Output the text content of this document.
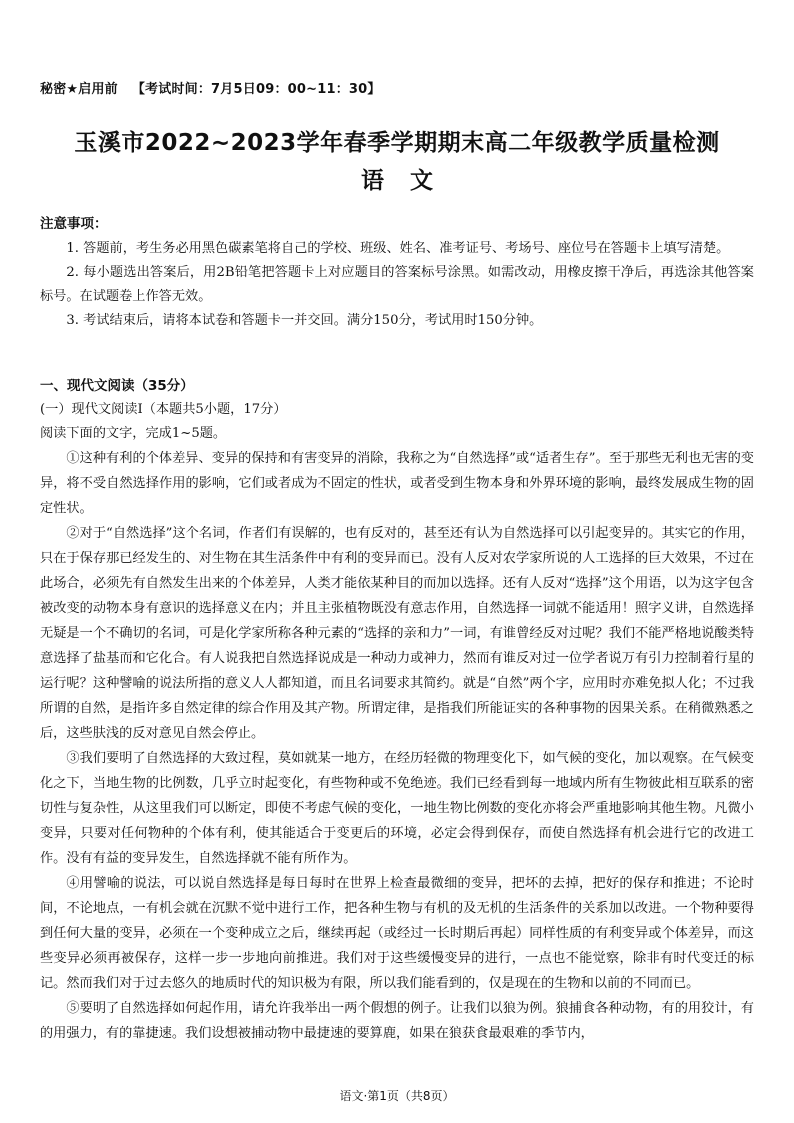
秘密★启用前 【考试时间：7月5日09：00~11：30】
玉溪市2022~2023学年春季学期期末高二年级教学质量检测
语文
注意事项：
1. 答题前，考生务必用黑色碳素笔将自己的学校、班级、姓名、准考证号、考场号、座位号在答题卡上填写清楚。
2. 每小题选出答案后，用2B铅笔把答题卡上对应题目的答案标号涂黑。如需改动，用橡皮擦干净后，再选涂其他答案标号。在试题卷上作答无效。
3. 考试结束后，请将本试卷和答题卡一并交回。满分150分，考试用时150分钟。
一、现代文阅读（35分）
(一）现代文阅读Ⅰ（本题共5小题，17分）
阅读下面的文字，完成1~5题。

①这种有利的个体差异、变异的保持和有害变异的消除，我称之为“自然选择”或“适者生存”。至于那些无利也无害的变异，将不受自然选择作用的影响，它们或者成为不固定的性状，或者受到生物本身和外界环境的影响，最终发展成生物的固定性状。

②对于“自然选择”这个名词，作者们有误解的，也有反对的，甚至还有认为自然选择可以引起变异的。其实它的作用，只在于保存那已经发生的、对生物在其生活条件中有利的变异而已。没有人反对农学家所说的人工选择的巨大效果，不过在此场合，必须先有自然发生出来的个体差异，人类才能依某种目的而加以选择。还有人反对“选择”这个用语，以为这字包含被改变的动物本身有意识的选择意义在内；并且主张植物既没有意志作用，自然选择一词就不能适用！照字义讲，自然选择无疑是一个不确切的名词，可是化学家所称各种元素的“选择的亲和力”一词，有谁曾经反对过呢？我们不能严格地说酸类特意选择了盐基而和它化合。有人说我把自然选择说成是一种动力或神力，然而有谁反对过一位学者说万有引力控制着行星的运行呢？这种譬喻的说法所指的意义人人都知道，而且名词要求其简约。就是“自然”两个字，应用时亦难免拟人化；不过我所谓的自然，是指许多自然定律的综合作用及其产物。所谓定律，是指我们所能证实的各种事物的因果关系。在稍微熟悉之后，这些肤浅的反对意见自然会停止。

③我们要明了自然选择的大致过程，莫如就某一地方，在经历轻微的物理变化下，如气候的变化，加以观察。在气候变化之下，当地生物的比例数，几乎立时起变化，有些物种或不免绝迹。我们已经看到每一地域内所有生物彼此相互联系的密切性与复杂性，从这里我们可以断定，即使不考虑气候的变化，一地生物比例数的变化亦将会严重地影响其他生物。凡微小变异，只要对任何物种的个体有利，使其能适合于变更后的环境，必定会得到保存，而使自然选择有机会进行它的改进工作。没有有益的变异发生，自然选择就不能有所作为。

④用譬喻的说法，可以说自然选择是每日每时在世界上检查最微细的变异，把坏的去掉，把好的保存和推进；不论时间，不论地点，一有机会就在沉默不觉中进行工作，把各种生物与有机的及无机的生活条件的关系加以改进。一个物种要得到任何大量的变异，必须在一个变种成立之后，继续再起（或经过一长时期后再起）同样性质的有利变异或个体差异，而这些变异必须再被保存，这样一步一步地向前推进。我们对于这些缓慢变异的进行，一点也不能觉察，除非有时代变迁的标记。然而我们对于过去悠久的地质时代的知识极为有限，所以我们能看到的，仅是现在的生物和以前的不同而已。

⑤要明了自然选择如何起作用，请允许我举出一两个假想的例子。让我们以狼为例。狼捕食各种动物，有的用狡计，有的用强力，有的靠捷速。我们设想被捕动物中最捷速的要算鹿，如果在狼获食最艰难的季节内，

语文·第1页（共8页）
